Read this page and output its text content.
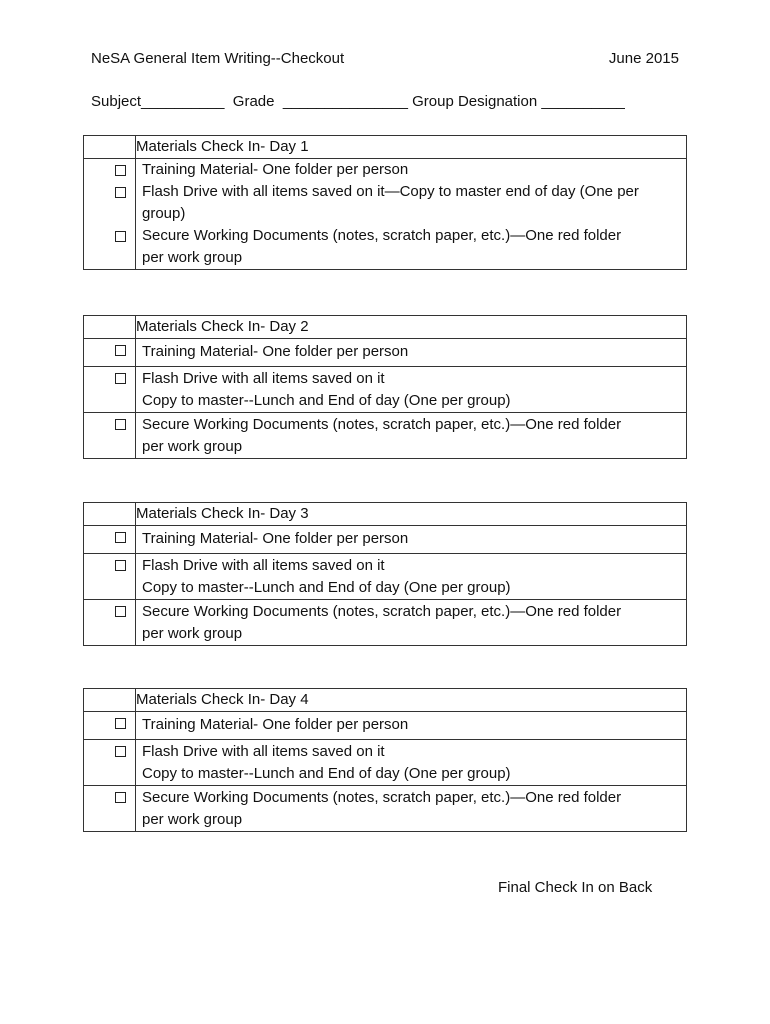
NeSA General Item Writing--Checkout	June 2015
Subject__________  Grade  _______________ Group Designation __________
	Materials Check In- Day 1

	Training Material- One folder per person

	Flash Drive with all items saved on it—Copy to master end of day (One per
group)

	Secure Working Documents (notes, scratch paper, etc.)—One red folder
per work group
	Materials Check In- Day 2

	Training Material- One folder per person

	Flash Drive with all items saved on it
Copy to master--Lunch and End of day (One per group)

	Secure Working Documents (notes, scratch paper, etc.)—One red folder
per work group
	Materials Check In- Day 3

	Training Material- One folder per person

	Flash Drive with all items saved on it
Copy to master--Lunch and End of day (One per group)

	Secure Working Documents (notes, scratch paper, etc.)—One red folder
per work group
	Materials Check In- Day 4

	Training Material- One folder per person

	Flash Drive with all items saved on it
Copy to master--Lunch and End of day (One per group)

	Secure Working Documents (notes, scratch paper, etc.)—One red folder
per work group
Final Check In on Back
